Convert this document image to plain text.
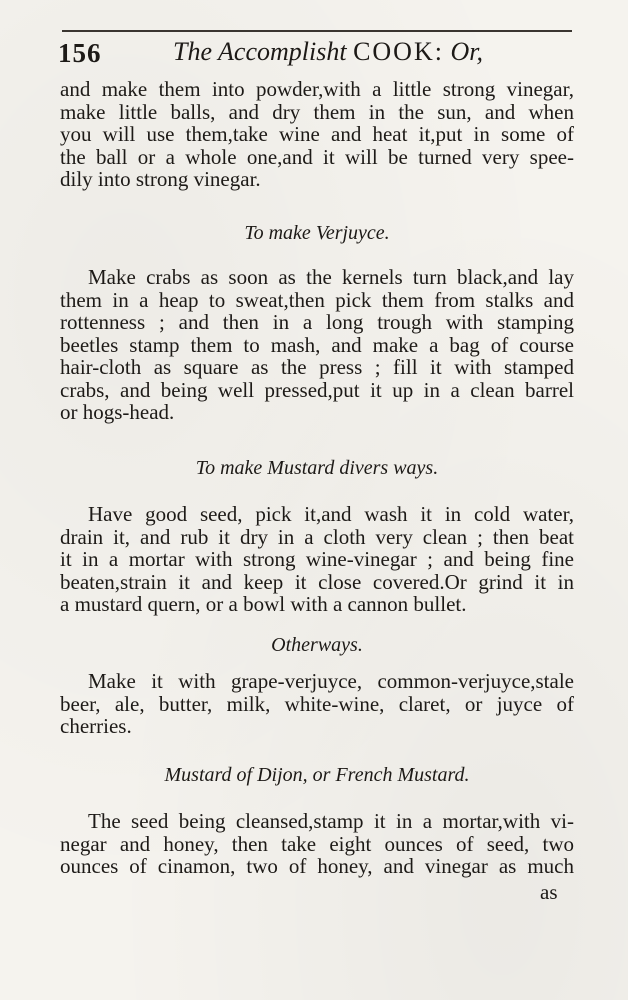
156	The Accomplisht COOK: Or,
and make them into powder,with a little strong vinegar,
make little balls, and dry them in the sun, and when
you will use them,take wine and heat it,put in some of
the ball or a whole one,and it will be turned very spee-
dily into strong vinegar.
To make Verjuyce.
Make crabs as soon as the kernels turn black,and lay
them in a heap to sweat,then pick them from stalks and
rottenness ; and then in a long trough with stamping
beetles stamp them to mash, and make a bag of course
hair-cloth as square as the press ; fill it with stamped
crabs, and being well pressed,put it up in a clean barrel
or hogs-head.
To make Mustard divers ways.
Have good seed, pick it,and wash it in cold water,
drain it, and rub it dry in a cloth very clean ; then beat
it in a mortar with strong wine-vinegar ; and being fine
beaten,strain it and keep it close covered.Or grind it in
a mustard quern, or a bowl with a cannon bullet.
Otherways.
Make it with grape-verjuyce, common-verjuyce,stale
beer, ale, butter, milk, white-wine, claret, or juyce of
cherries.
Mustard of Dijon, or French Mustard.
The seed being cleansed,stamp it in a mortar,with vi-
negar and honey, then take eight ounces of seed, two
ounces of cinamon, two of honey, and vinegar as much
as
